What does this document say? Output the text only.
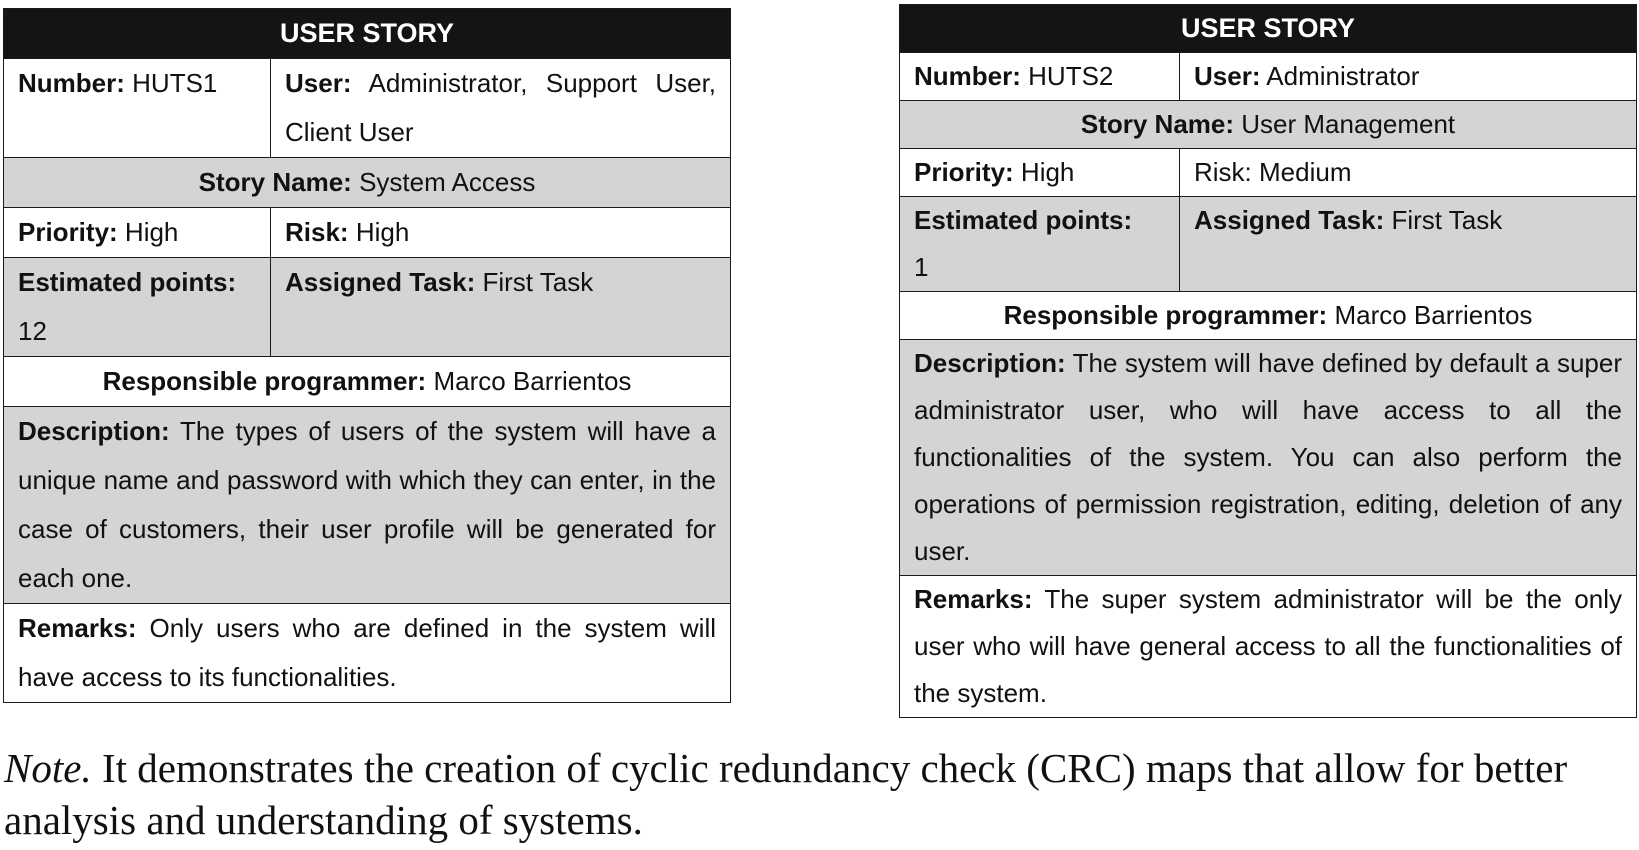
USER STORY	
Number: HUTS1	User: Administrator, Support User, Client User
Story Name: System Access	
Priority: High	Risk: High
Estimated points:
12	Assigned Task: First Task
Responsible programmer: Marco Barrientos	
Description: The types of users of the system will have a unique name and password with which they can enter, in the case of customers, their user profile will be generated for each one.	
Remarks: Only users who are defined in the system will have access to its functionalities.	
USER STORY	
Number: HUTS2	User: Administrator
Story Name: User Management	
Priority: High	Risk: Medium
Estimated points:
1	Assigned Task: First Task
Responsible programmer: Marco Barrientos	
Description: The system will have defined by default a super administrator user, who will have access to all the functionalities of the system. You can also perform the operations of permission registration, editing, deletion of any user.	
Remarks: The super system administrator will be the only user who will have general access to all the functionalities of the system.	
Note. It demonstrates the creation of cyclic redundancy check (CRC) maps that allow for better analysis and understanding of systems.
